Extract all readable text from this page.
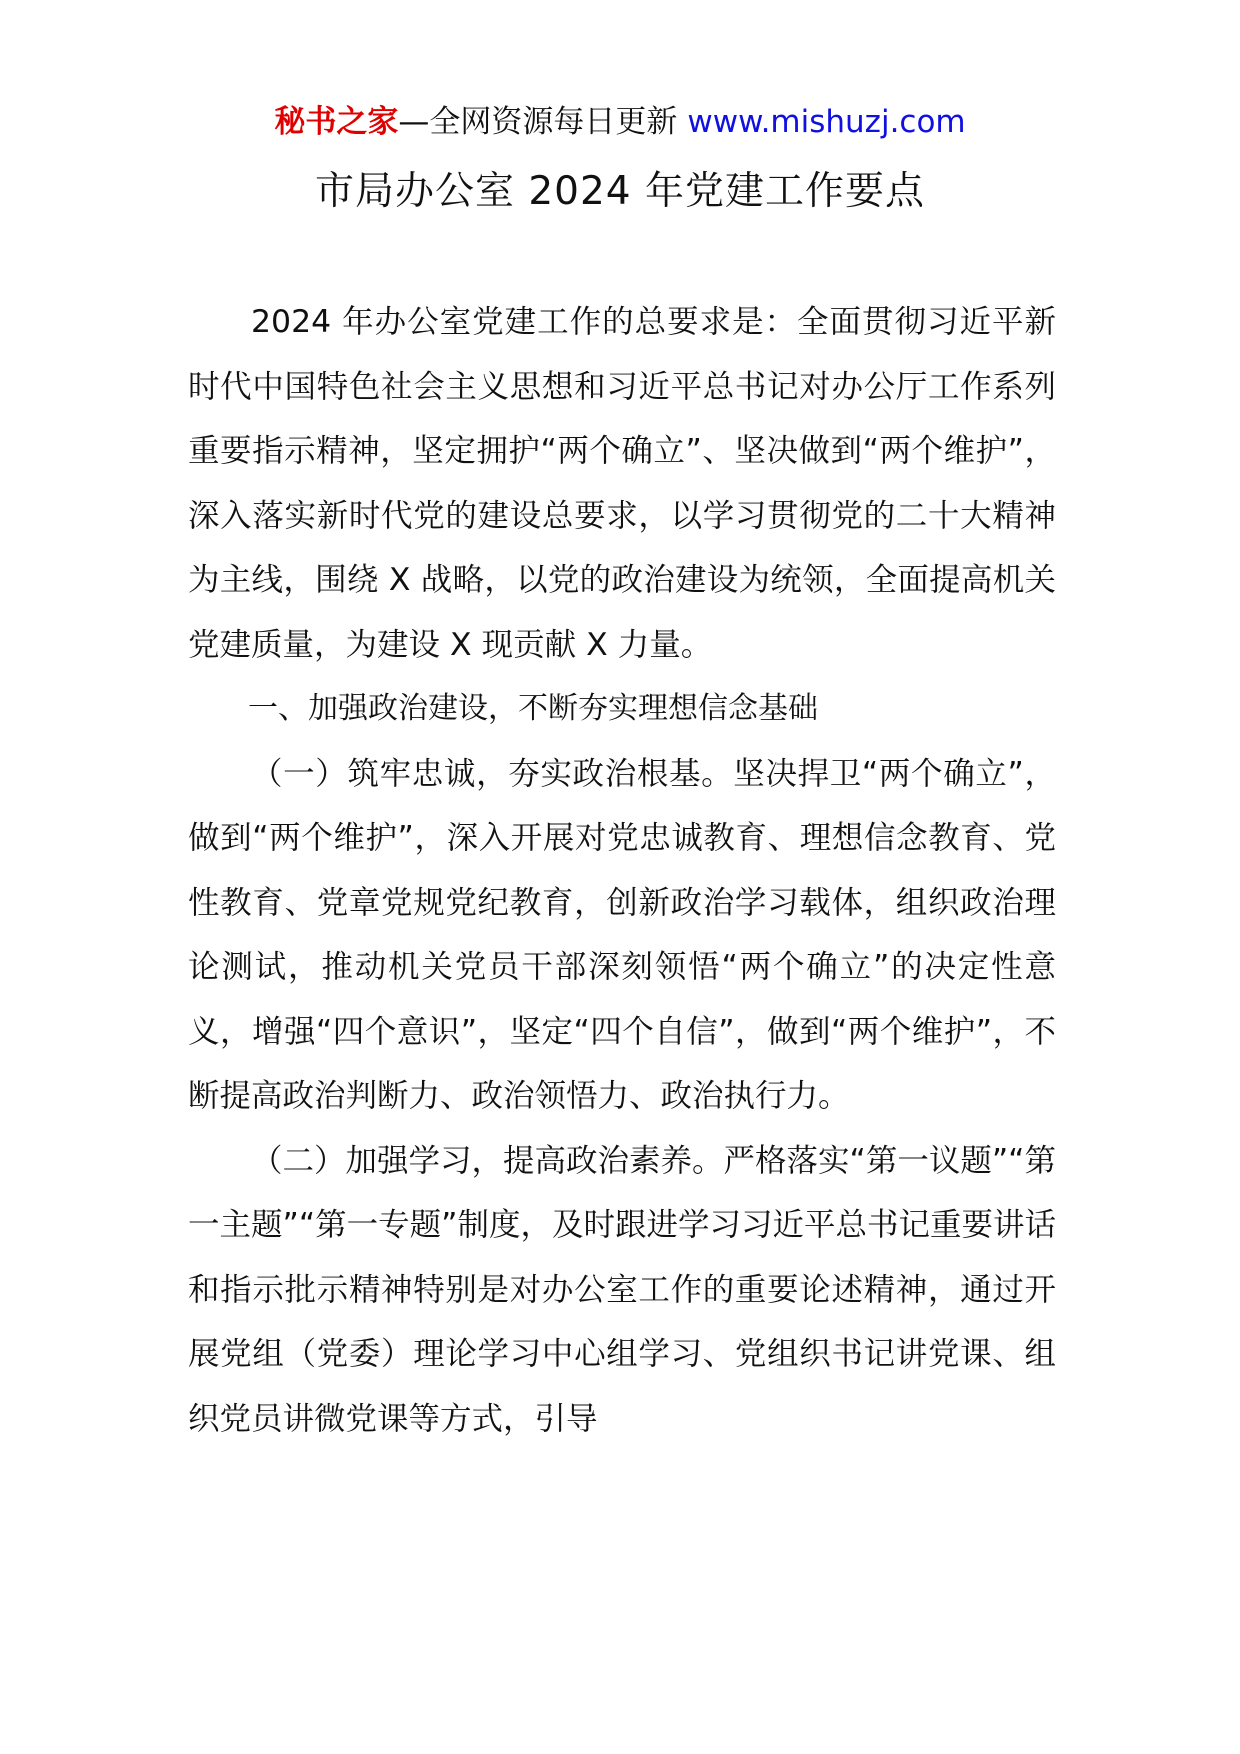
秘书之家—全网资源每日更新 www.mishuzj.com
市局办公室 2024 年党建工作要点

2024 年办公室党建工作的总要求是：全面贯彻习近平新时代中国特色社会主义思想和习近平总书记对办公厅工作系列重要指示精神，坚定拥护“两个确立”、坚决做到“两个维护”，深入落实新时代党的建设总要求，以学习贯彻党的二十大精神为主线，围绕 X 战略，以党的政治建设为统领，全面提高机关党建质量，为建设 X 现贡献 X 力量。

一、加强政治建设，不断夯实理想信念基础

（一）筑牢忠诚，夯实政治根基。坚决捍卫“两个确立”，做到“两个维护”，深入开展对党忠诚教育、理想信念教育、党性教育、党章党规党纪教育，创新政治学习载体，组织政治理论测试，推动机关党员干部深刻领悟“两个确立”的决定性意义，增强“四个意识”，坚定“四个自信”，做到“两个维护”，不断提高政治判断力、政治领悟力、政治执行力。

（二）加强学习，提高政治素养。严格落实“第一议题”“第一主题”“第一专题”制度，及时跟进学习习近平总书记重要讲话和指示批示精神特别是对办公室工作的重要论述精神，通过开展党组（党委）理论学习中心组学习、党组织书记讲党课、组织党员讲微党课等方式，引导
